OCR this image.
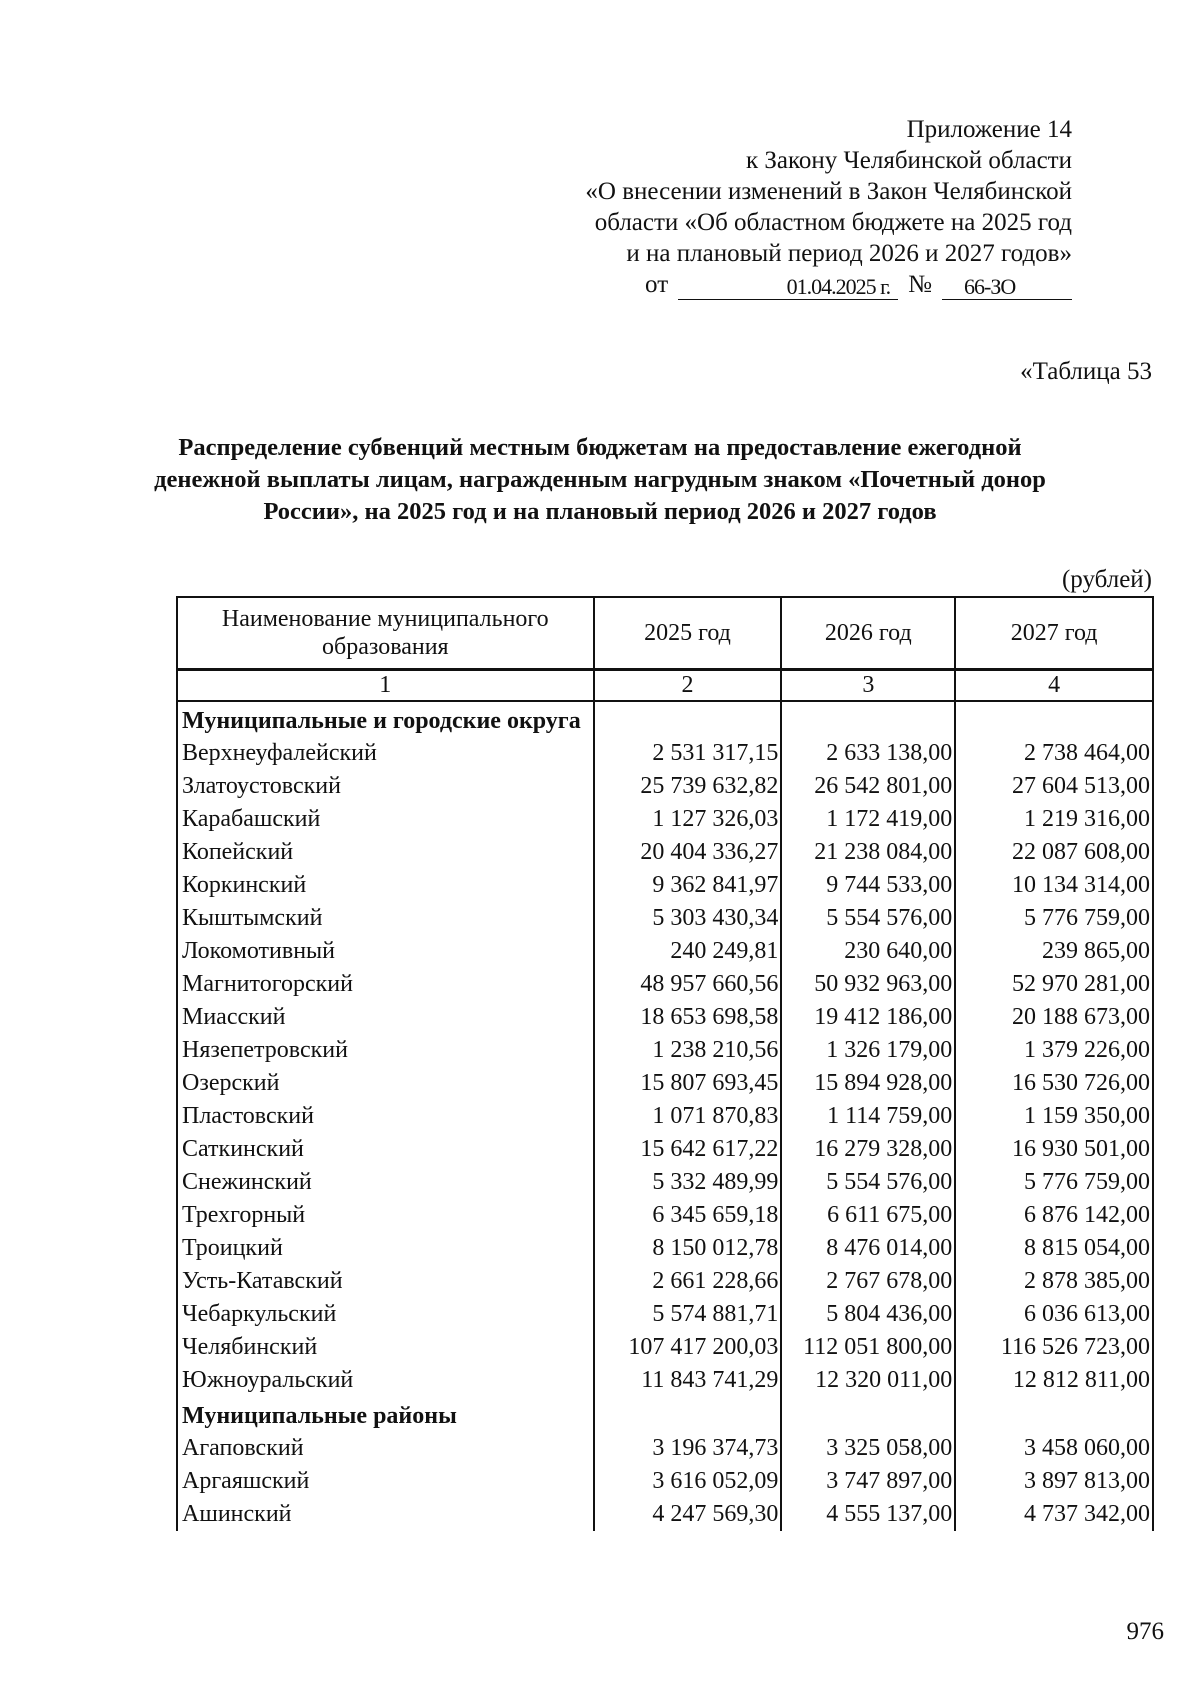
Приложение 14
к Закону Челябинской области
«О внесении изменений в Закон Челябинской
области «Об областном бюджете на 2025 год
и на плановый период 2026 и 2027 годов»
от	01.04.2025 г. №	66-ЗО
«Таблица 53
Распределение субвенций местным бюджетам на предоставление ежегодной денежной выплаты лицам, награжденным нагрудным знаком «Почетный донор России», на 2025 год и на плановый период 2026 и 2027 годов
(рублей)
Наименование муниципального образования	2025 год	2026 год	2027 год
1	2	3	4
Муниципальные и городские округа			
Верхнеуфалейский	2 531 317,15	2 633 138,00	2 738 464,00
Златоустовский	25 739 632,82	26 542 801,00	27 604 513,00
Карабашский	1 127 326,03	1 172 419,00	1 219 316,00
Копейский	20 404 336,27	21 238 084,00	22 087 608,00
Коркинский	9 362 841,97	9 744 533,00	10 134 314,00
Кыштымский	5 303 430,34	5 554 576,00	5 776 759,00
Локомотивный	240 249,81	230 640,00	239 865,00
Магнитогорский	48 957 660,56	50 932 963,00	52 970 281,00
Миасский	18 653 698,58	19 412 186,00	20 188 673,00
Нязепетровский	1 238 210,56	1 326 179,00	1 379 226,00
Озерский	15 807 693,45	15 894 928,00	16 530 726,00
Пластовский	1 071 870,83	1 114 759,00	1 159 350,00
Саткинский	15 642 617,22	16 279 328,00	16 930 501,00
Снежинский	5 332 489,99	5 554 576,00	5 776 759,00
Трехгорный	6 345 659,18	6 611 675,00	6 876 142,00
Троицкий	8 150 012,78	8 476 014,00	8 815 054,00
Усть-Катавский	2 661 228,66	2 767 678,00	2 878 385,00
Чебаркульский	5 574 881,71	5 804 436,00	6 036 613,00
Челябинский	107 417 200,03	112 051 800,00	116 526 723,00
Южноуральский	11 843 741,29	12 320 011,00	12 812 811,00
Муниципальные районы			
Агаповский	3 196 374,73	3 325 058,00	3 458 060,00
Аргаяшский	3 616 052,09	3 747 897,00	3 897 813,00
Ашинский	4 247 569,30	4 555 137,00	4 737 342,00
976
